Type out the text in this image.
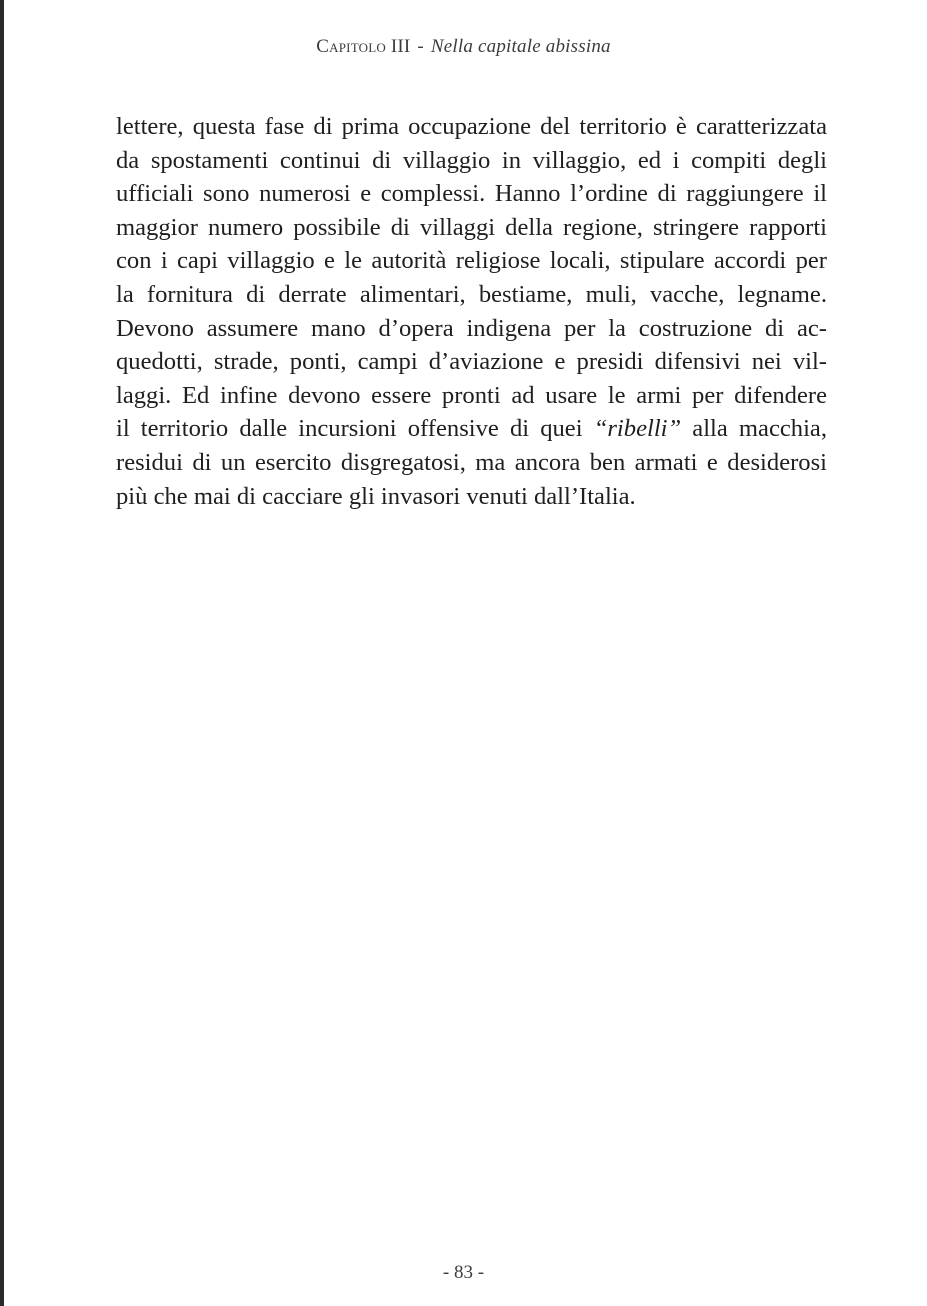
Capitolo III - Nella capitale abissina
lettere, questa fase di prima occupazione del territorio è caratterizzata
da spostamenti continui di villaggio in villaggio, ed i compiti degli
ufficiali sono numerosi e complessi. Hanno l’ordine di raggiungere il
maggior numero possibile di villaggi della regione, stringere rapporti
con i capi villaggio e le autorità religiose locali, stipulare accordi per
la fornitura di derrate alimentari, bestiame, muli, vacche, legname.
Devono assumere mano d’opera indigena per la costruzione di ac-
quedotti, strade, ponti, campi d’aviazione e presidi difensivi nei vil-
laggi. Ed infine devono essere pronti ad usare le armi per difendere
il territorio dalle incursioni offensive di quei “ribelli” alla macchia,
residui di un esercito disgregatosi, ma ancora ben armati e desiderosi
più che mai di cacciare gli invasori venuti dall’Italia.
- 83 -
